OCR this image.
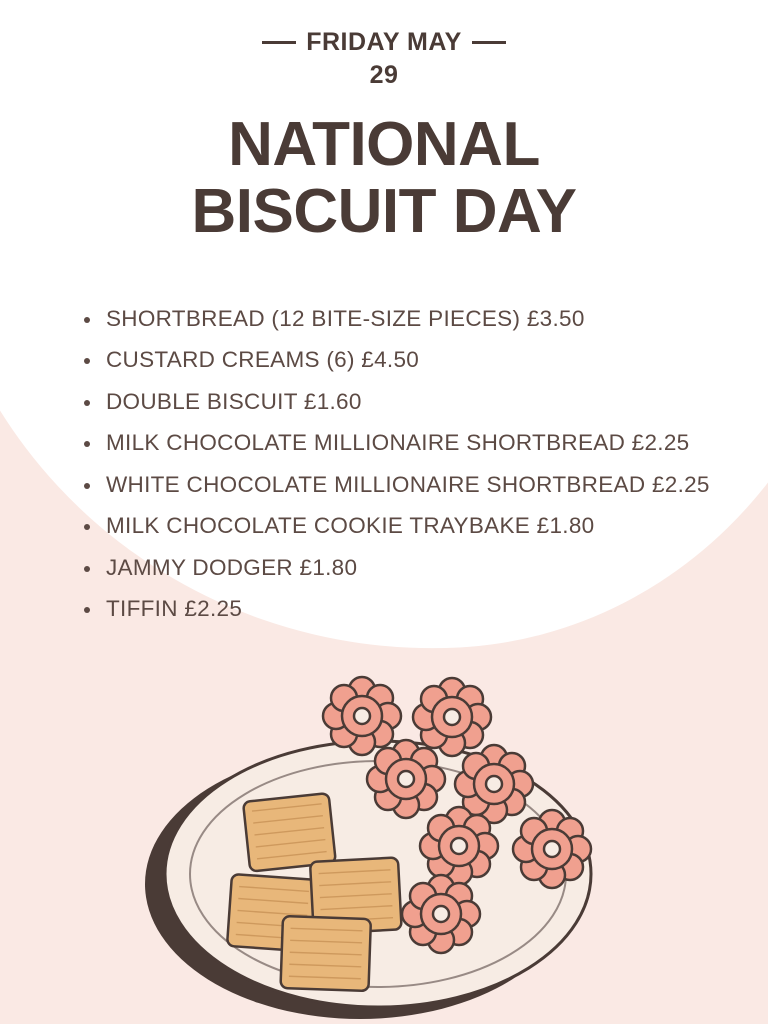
FRIDAY MAY
29
NATIONAL
BISCUIT DAY
SHORTBREAD (12 BITE-SIZE PIECES) £3.50
CUSTARD CREAMS (6) £4.50
DOUBLE BISCUIT £1.60
MILK CHOCOLATE MILLIONAIRE SHORTBREAD £2.25
WHITE CHOCOLATE MILLIONAIRE SHORTBREAD £2.25
MILK CHOCOLATE COOKIE TRAYBAKE £1.80
JAMMY DODGER £1.80
TIFFIN £2.25
